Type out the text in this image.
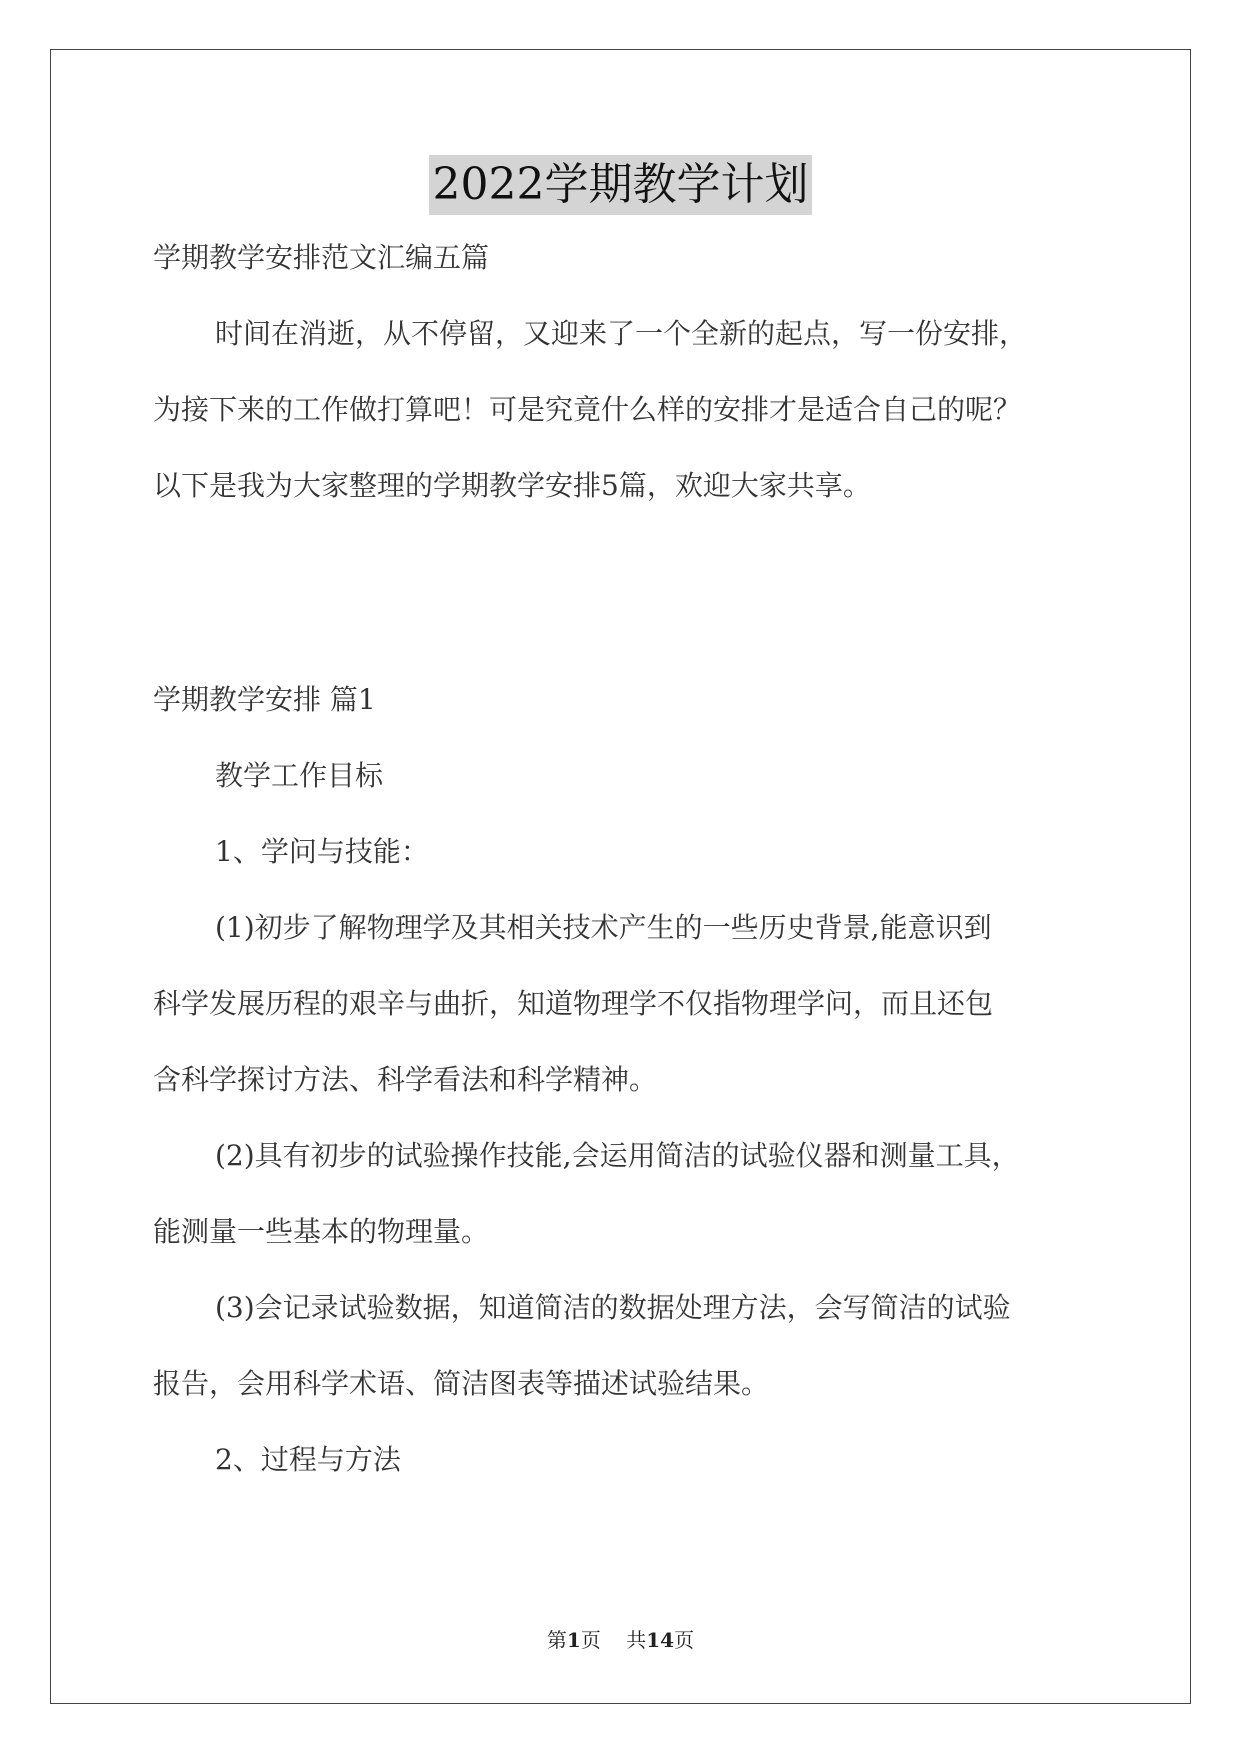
2022学期教学计划
学期教学安排范文汇编五篇
时间在消逝，从不停留，又迎来了一个全新的起点，写一份安排，
为接下来的工作做打算吧！可是究竟什么样的安排才是适合自己的呢？
以下是我为大家整理的学期教学安排5篇，欢迎大家共享。
学期教学安排 篇1
教学工作目标
1、学问与技能：
(1)初步了解物理学及其相关技术产生的一些历史背景,能意识到
科学发展历程的艰辛与曲折，知道物理学不仅指物理学问，而且还包
含科学探讨方法、科学看法和科学精神。
(2)具有初步的试验操作技能,会运用简洁的试验仪器和测量工具，
能测量一些基本的物理量。
(3)会记录试验数据，知道简洁的数据处理方法，会写简洁的试验
报告，会用科学术语、简洁图表等描述试验结果。
2、过程与方法
第1页 共14页
